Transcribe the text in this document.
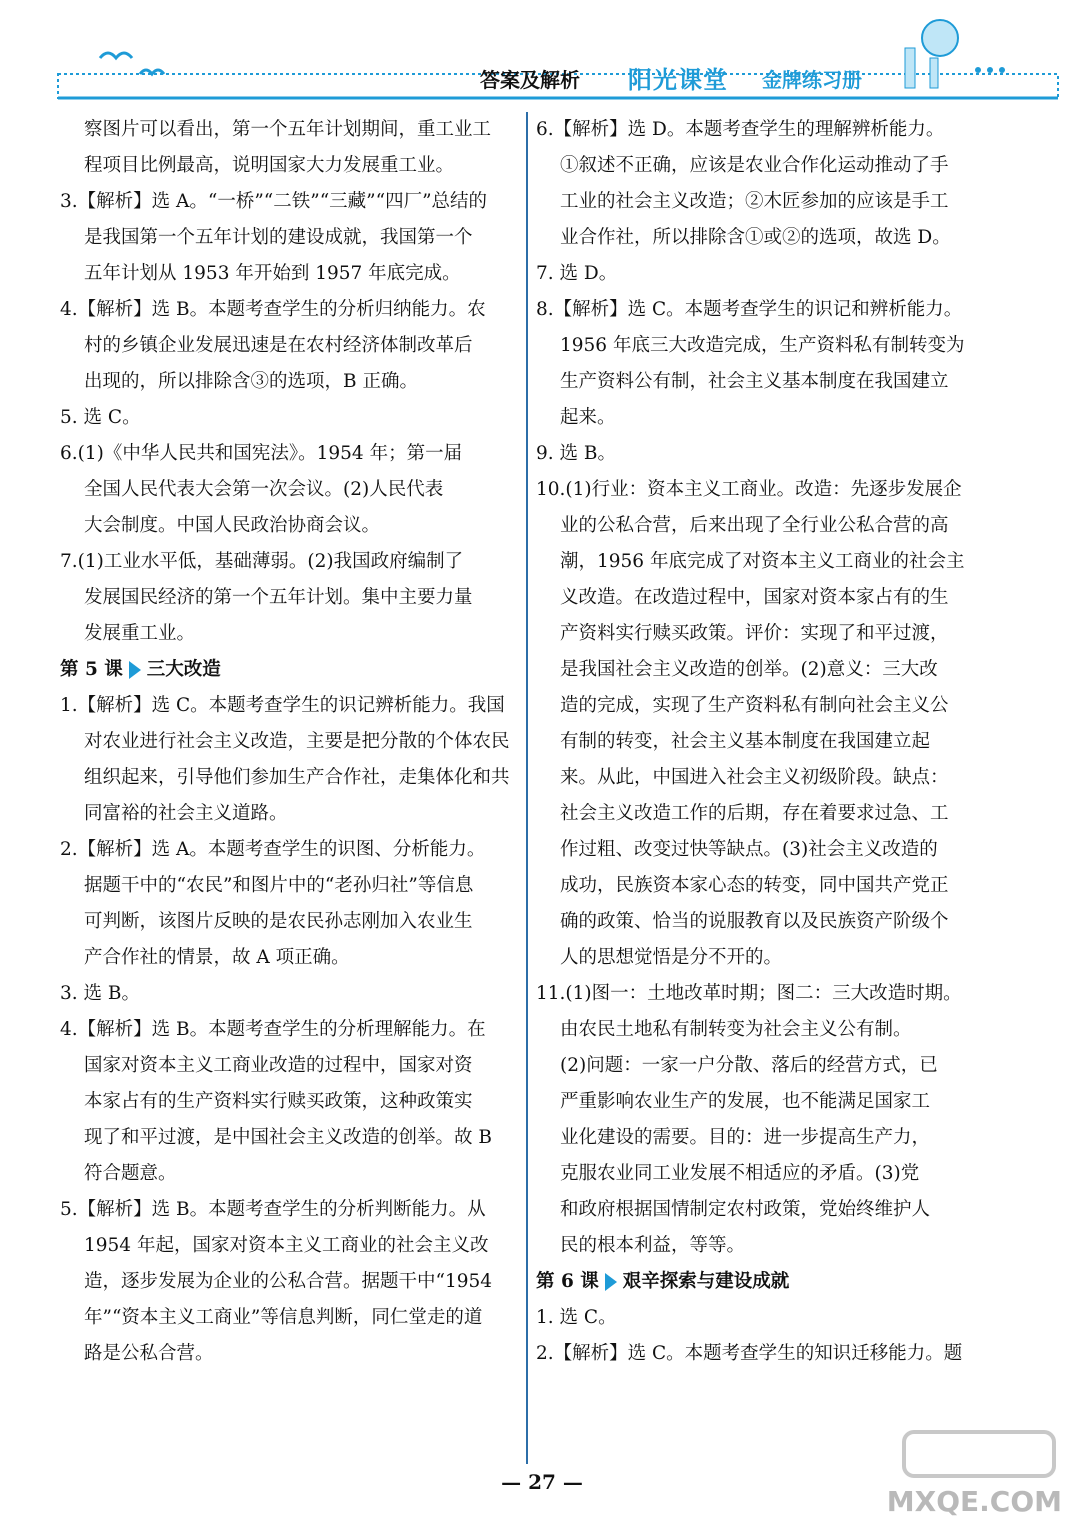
答案及解析 阳光课堂 金牌练习册
察图片可以看出，第一个五年计划期间，重工业工
程项目比例最高，说明国家大力发展重工业。
3.【解析】选 A。“一桥”“二铁”“三藏”“四厂”总结的
是我国第一个五年计划的建设成就，我国第一个
五年计划从 1953 年开始到 1957 年底完成。
4.【解析】选 B。本题考查学生的分析归纳能力。农
村的乡镇企业发展迅速是在农村经济体制改革后
出现的，所以排除含③的选项，B 正确。
5. 选 C。
6.(1)《中华人民共和国宪法》。1954 年；第一届
全国人民代表大会第一次会议。(2)人民代表
大会制度。中国人民政治协商会议。
7.(1)工业水平低，基础薄弱。(2)我国政府编制了
发展国民经济的第一个五年计划。集中主要力量
发展重工业。
第 5 课 三大改造
1.【解析】选 C。本题考查学生的识记辨析能力。我国
对农业进行社会主义改造，主要是把分散的个体农民
组织起来，引导他们参加生产合作社，走集体化和共
同富裕的社会主义道路。
2.【解析】选 A。本题考查学生的识图、分析能力。
据题干中的“农民”和图片中的“老孙归社”等信息
可判断，该图片反映的是农民孙志刚加入农业生
产合作社的情景，故 A 项正确。
3. 选 B。
4.【解析】选 B。本题考查学生的分析理解能力。在
国家对资本主义工商业改造的过程中，国家对资
本家占有的生产资料实行赎买政策，这种政策实
现了和平过渡，是中国社会主义改造的创举。故 B
符合题意。
5.【解析】选 B。本题考查学生的分析判断能力。从
1954 年起，国家对资本主义工商业的社会主义改
造，逐步发展为企业的公私合营。据题干中“1954
年”“资本主义工商业”等信息判断，同仁堂走的道
路是公私合营。
6.【解析】选 D。本题考查学生的理解辨析能力。
①叙述不正确，应该是农业合作化运动推动了手
工业的社会主义改造；②木匠参加的应该是手工
业合作社，所以排除含①或②的选项，故选 D。
7. 选 D。
8.【解析】选 C。本题考查学生的识记和辨析能力。
1956 年底三大改造完成，生产资料私有制转变为
生产资料公有制，社会主义基本制度在我国建立
起来。
9. 选 B。
10.(1)行业：资本主义工商业。改造：先逐步发展企
业的公私合营，后来出现了全行业公私合营的高
潮，1956 年底完成了对资本主义工商业的社会主
义改造。在改造过程中，国家对资本家占有的生
产资料实行赎买政策。评价：实现了和平过渡，
是我国社会主义改造的创举。(2)意义：三大改
造的完成，实现了生产资料私有制向社会主义公
有制的转变，社会主义基本制度在我国建立起
来。从此，中国进入社会主义初级阶段。缺点：
社会主义改造工作的后期，存在着要求过急、工
作过粗、改变过快等缺点。(3)社会主义改造的
成功，民族资本家心态的转变，同中国共产党正
确的政策、恰当的说服教育以及民族资产阶级个
人的思想觉悟是分不开的。
11.(1)图一：土地改革时期；图二：三大改造时期。
由农民土地私有制转变为社会主义公有制。
(2)问题：一家一户分散、落后的经营方式，已
严重影响农业生产的发展，也不能满足国家工
业化建设的需要。目的：进一步提高生产力，
克服农业同工业发展不相适应的矛盾。(3)党
和政府根据国情制定农村政策，党始终维护人
民的根本利益，等等。
第 6 课 艰辛探索与建设成就
1. 选 C。
2.【解析】选 C。本题考查学生的知识迁移能力。题
— 27 —
MXQE.COM
